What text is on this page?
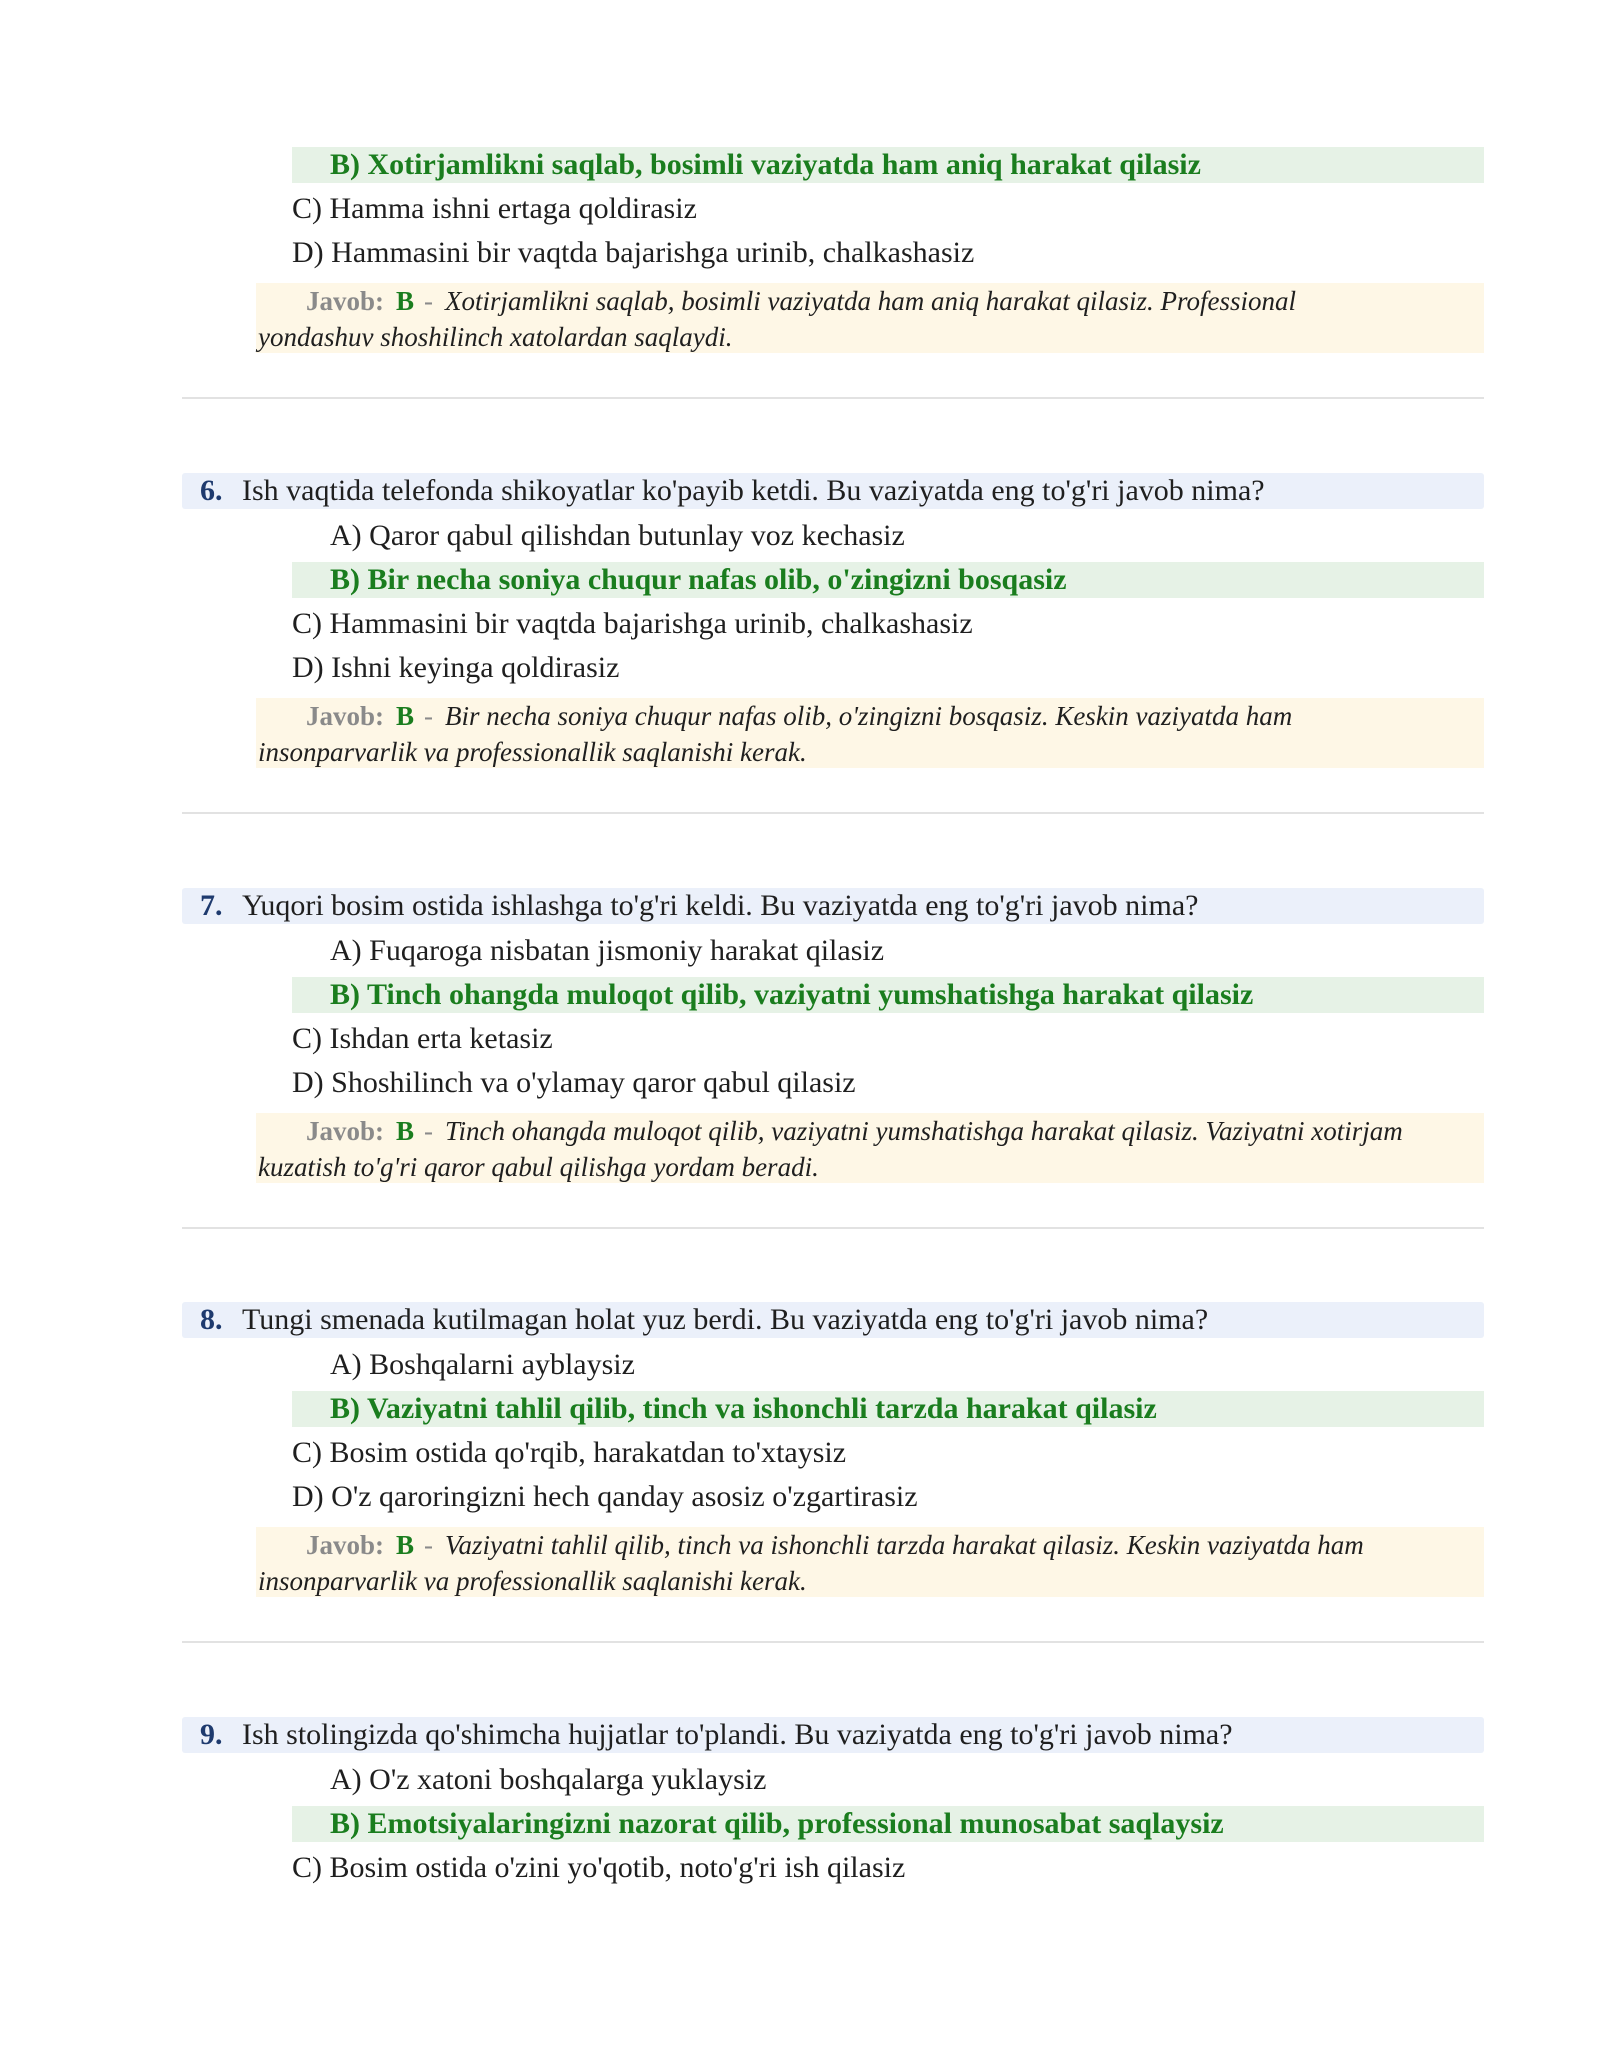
B) Xotirjamlikni saqlab, bosimli vaziyatda ham aniq harakat qilasiz
C) Hamma ishni ertaga qoldirasiz
D) Hammasini bir vaqtda bajarishga urinib, chalkashasiz
Javob: B - Xotirjamlikni saqlab, bosimli vaziyatda ham aniq harakat qilasiz. Professional
yondashuv shoshilinch xatolardan saqlaydi.
6. Ish vaqtida telefonda shikoyatlar ko'payib ketdi. Bu vaziyatda eng to'g'ri javob nima?
A) Qaror qabul qilishdan butunlay voz kechasiz
B) Bir necha soniya chuqur nafas olib, o'zingizni bosqasiz
C) Hammasini bir vaqtda bajarishga urinib, chalkashasiz
D) Ishni keyinga qoldirasiz
Javob: B - Bir necha soniya chuqur nafas olib, o'zingizni bosqasiz. Keskin vaziyatda ham
insonparvarlik va professionallik saqlanishi kerak.
7. Yuqori bosim ostida ishlashga to'g'ri keldi. Bu vaziyatda eng to'g'ri javob nima?
A) Fuqaroga nisbatan jismoniy harakat qilasiz
B) Tinch ohangda muloqot qilib, vaziyatni yumshatishga harakat qilasiz
C) Ishdan erta ketasiz
D) Shoshilinch va o'ylamay qaror qabul qilasiz
Javob: B - Tinch ohangda muloqot qilib, vaziyatni yumshatishga harakat qilasiz. Vaziyatni xotirjam
kuzatish to'g'ri qaror qabul qilishga yordam beradi.
8. Tungi smenada kutilmagan holat yuz berdi. Bu vaziyatda eng to'g'ri javob nima?
A) Boshqalarni ayblaysiz
B) Vaziyatni tahlil qilib, tinch va ishonchli tarzda harakat qilasiz
C) Bosim ostida qo'rqib, harakatdan to'xtaysiz
D) O'z qaroringizni hech qanday asosiz o'zgartirasiz
Javob: B - Vaziyatni tahlil qilib, tinch va ishonchli tarzda harakat qilasiz. Keskin vaziyatda ham
insonparvarlik va professionallik saqlanishi kerak.
9. Ish stolingizda qo'shimcha hujjatlar to'plandi. Bu vaziyatda eng to'g'ri javob nima?
A) O'z xatoni boshqalarga yuklaysiz
B) Emotsiyalaringizni nazorat qilib, professional munosabat saqlaysiz
C) Bosim ostida o'zini yo'qotib, noto'g'ri ish qilasiz
